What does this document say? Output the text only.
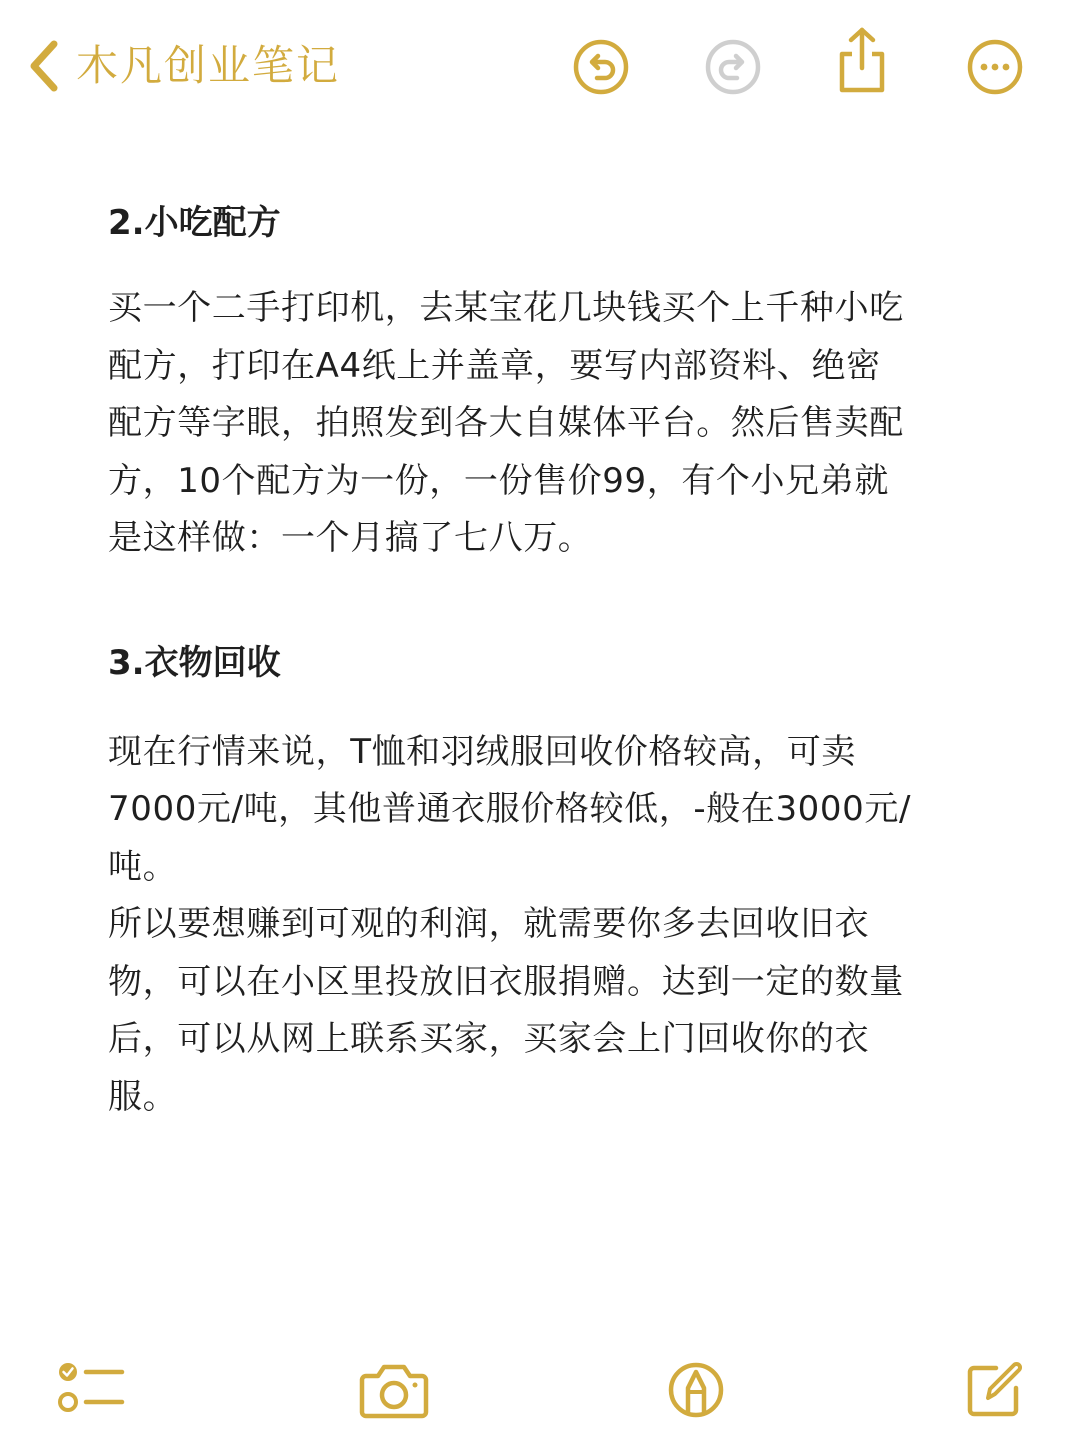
木凡创业笔记
2.小吃配方

买一个二手打印机，去某宝花几块钱买个上千种小吃

配方，打印在A4纸上并盖章，要写内部资料、绝密

配方等字眼，拍照发到各大自媒体平台。然后售卖配

方，10个配方为一份，一份售价99，有个小兄弟就

是这样做：一个月搞了七八万。

3.衣物回收

现在行情来说，T恤和羽绒服回收价格较高，可卖

7000元/吨，其他普通衣服价格较低，-般在3000元/

吨。

所以要想赚到可观的利润，就需要你多去回收旧衣

物，可以在小区里投放旧衣服捐赠。达到一定的数量

后，可以从网上联系买家，买家会上门回收你的衣

服。
